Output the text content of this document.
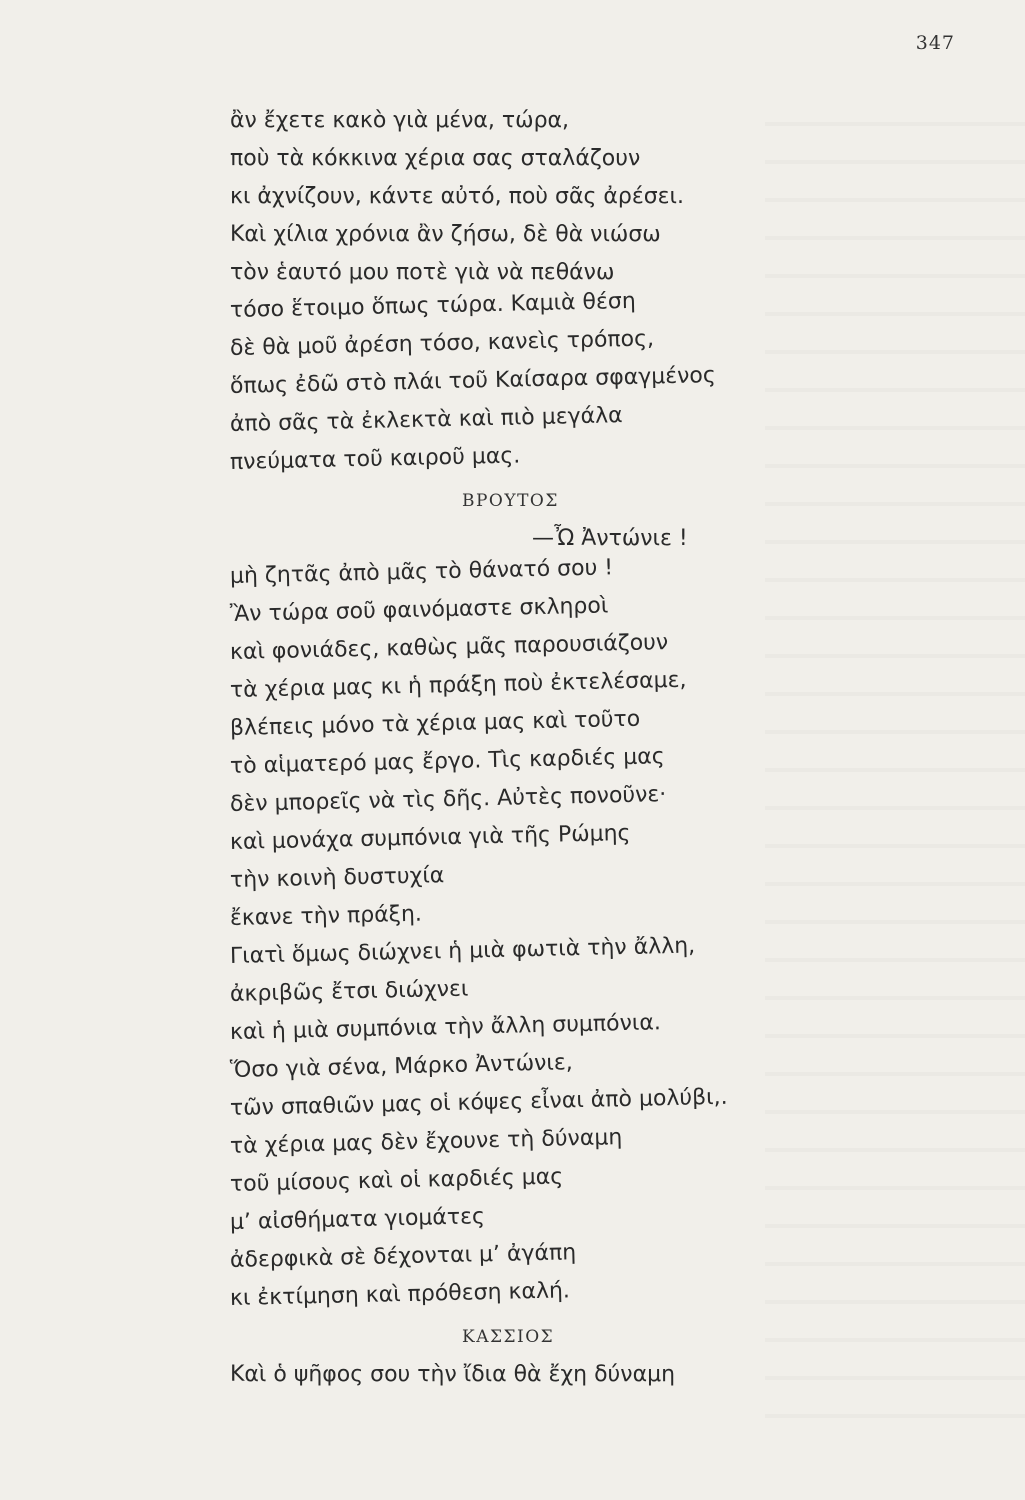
347
ἂν ἔχετε κακὸ γιὰ μένα, τώρα,
ποὺ τὰ κόκκινα χέρια σας σταλάζουν
κι ἀχνίζουν, κάντε αὐτό, ποὺ σᾶς ἀρέσει.
Καὶ χίλια χρόνια ἂν ζήσω, δὲ θὰ νιώσω
τὸν ἑαυτό μου ποτὲ γιὰ νὰ πεθάνω
τόσο ἕτοιμο ὅπως τώρα. Καμιὰ θέση
δὲ θὰ μοῦ ἀρέση τόσο, κανεὶς τρόπος,
ὅπως ἐδῶ στὸ πλάι τοῦ Καίσαρα σφαγμένος
ἀπὸ σᾶς τὰ ἐκλεκτὰ καὶ πιὸ μεγάλα
πνεύματα τοῦ καιροῦ μας.
ΒΡΟΥΤΟΣ
—Ὦ Ἀντώνιε !
μὴ ζητᾶς ἀπὸ μᾶς τὸ θάνατό σου !
Ἂν τώρα σοῦ φαινόμαστε σκληροὶ
καὶ φονιάδες, καθὼς μᾶς παρουσιάζουν
τὰ χέρια μας κι ἡ πράξη ποὺ ἐκτελέσαμε,
βλέπεις μόνο τὰ χέρια μας καὶ τοῦτο
τὸ αἱματερό μας ἔργο. Τὶς καρδιές μας
δὲν μπορεῖς νὰ τὶς δῆς. Αὐτὲς πονοῦνε·
καὶ μονάχα συμπόνια γιὰ τῆς Ρώμης
τὴν κοινὴ δυστυχία
ἔκανε τὴν πράξη.
Γιατὶ ὅμως διώχνει ἡ μιὰ φωτιὰ τὴν ἄλλη,
ἀκριβῶς ἔτσι διώχνει
καὶ ἡ μιὰ συμπόνια τὴν ἄλλη συμπόνια.
Ὅσο γιὰ σένα, Μάρκο Ἀντώνιε,
τῶν σπαθιῶν μας οἱ κόψες εἶναι ἀπὸ μολύβι,.
τὰ χέρια μας δὲν ἔχουνε τὴ δύναμη
τοῦ μίσους καὶ οἱ καρδιές μας
μ’ αἰσθήματα γιομάτες
ἀδερφικὰ σὲ δέχονται μ’ ἀγάπη
κι ἐκτίμηση καὶ πρόθεση καλή.
ΚΑΣΣΙΟΣ
Καὶ ὁ ψῆφος σου τὴν ἴδια θὰ ἔχη δύναμη
